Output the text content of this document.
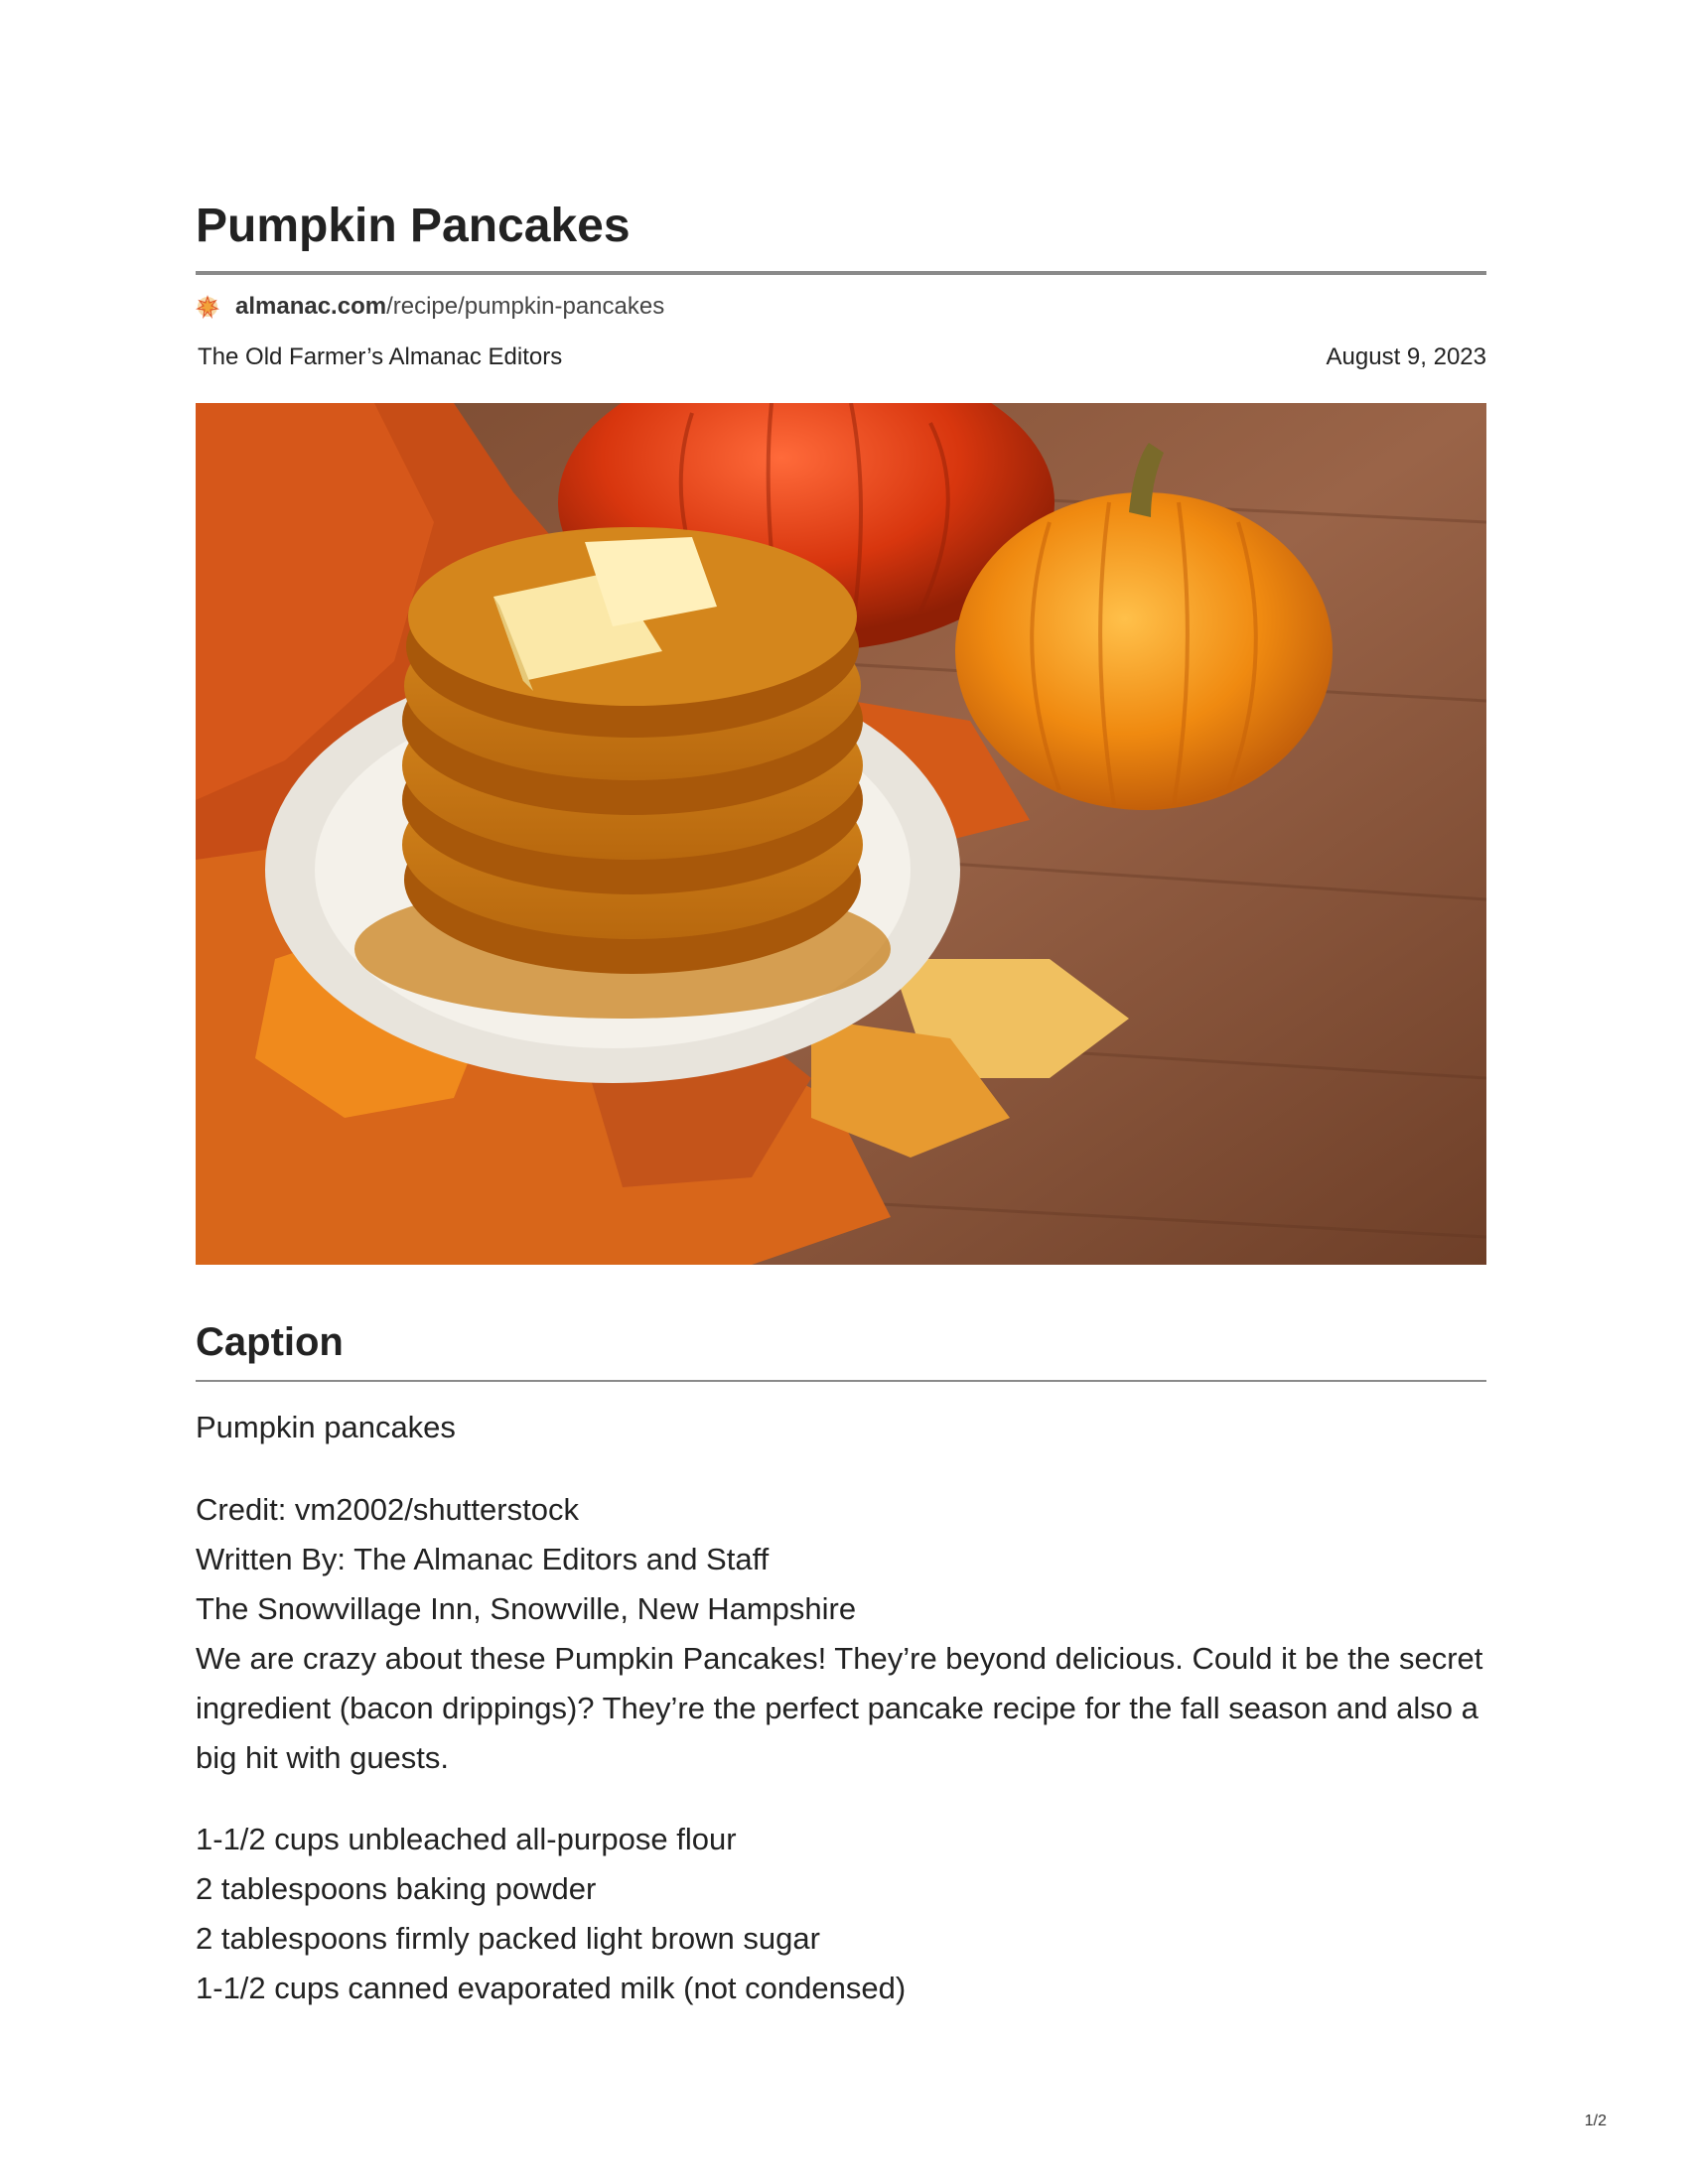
Pumpkin Pancakes
almanac.com /recipe/pumpkin-pancakes
The Old Farmer’s Almanac Editors	August 9, 2023
Caption
Pumpkin pancakes
Credit: vm2002/shutterstock
Written By: The Almanac Editors and Staff
The Snowvillage Inn, Snowville, New Hampshire

We are crazy about these Pumpkin Pancakes! They’re beyond delicious. Could it be the secret ingredient (bacon drippings)? They’re the perfect pancake recipe for the fall season and also a big hit with guests.

1-1/2 cups unbleached all-purpose flour
2 tablespoons baking powder
2 tablespoons firmly packed light brown sugar
1-1/2 cups canned evaporated milk (not condensed)
1/2
